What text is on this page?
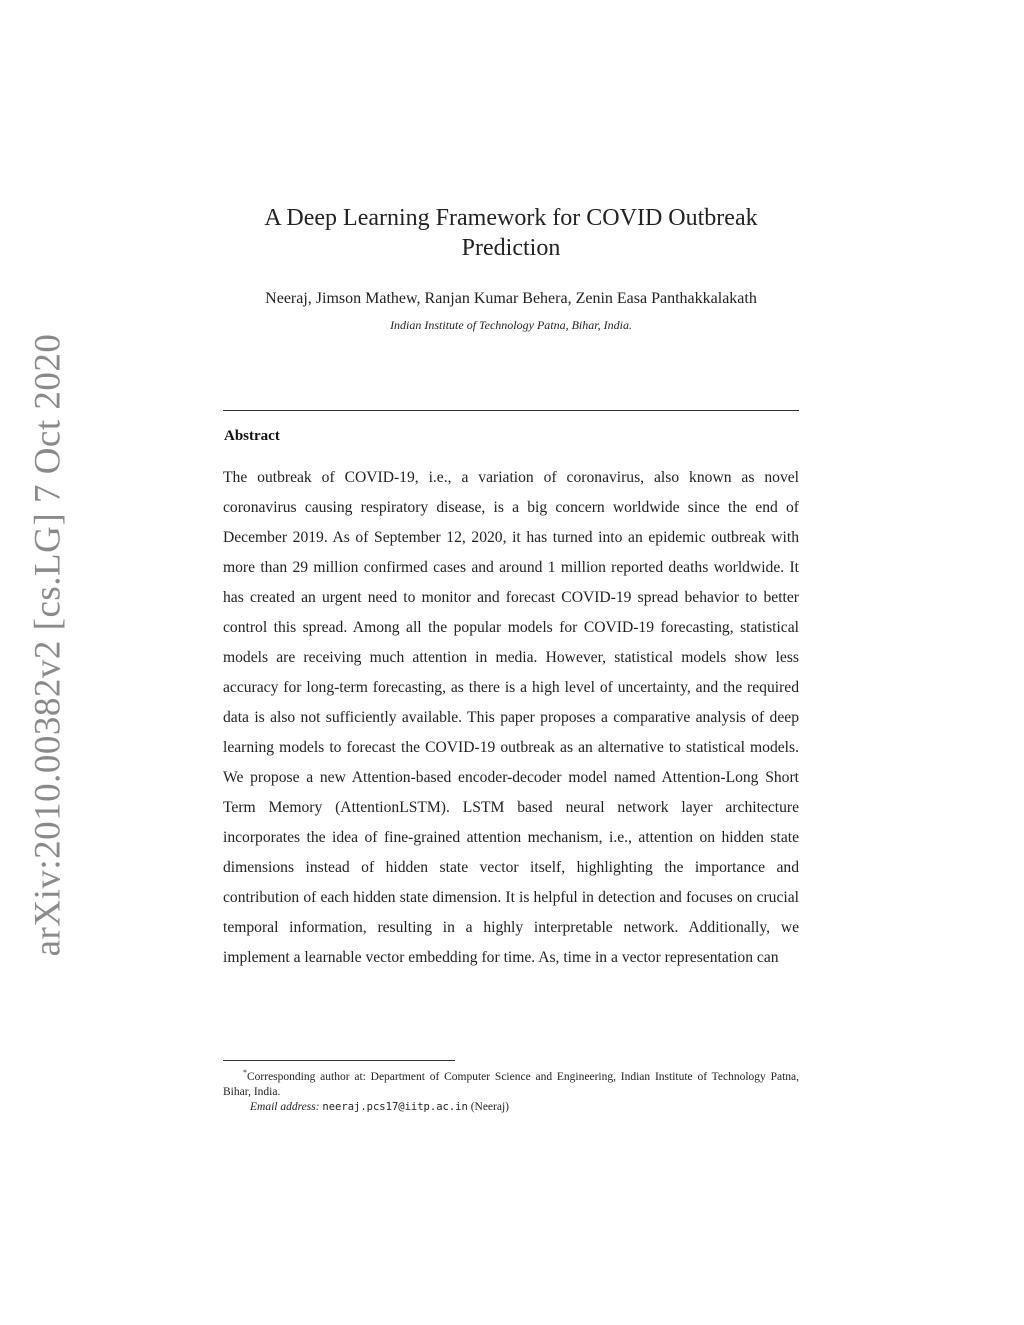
arXiv:2010.00382v2 [cs.LG] 7 Oct 2020
A Deep Learning Framework for COVID Outbreak
Prediction
Neeraj, Jimson Mathew, Ranjan Kumar Behera, Zenin Easa Panthakkalakath
Indian Institute of Technology Patna, Bihar, India.
Abstract

The outbreak of COVID-19, i.e., a variation of coronavirus, also known as novel coronavirus causing respiratory disease, is a big concern worldwide since the end of December 2019. As of September 12, 2020, it has turned into an epidemic outbreak with more than 29 million confirmed cases and around 1 million reported deaths worldwide. It has created an urgent need to monitor and forecast COVID-19 spread behavior to better control this spread. Among all the popular models for COVID-19 forecasting, statistical models are receiving much attention in media. However, statistical models show less accuracy for long-term forecasting, as there is a high level of uncertainty, and the required data is also not sufficiently available. This paper proposes a comparative analysis of deep learning models to forecast the COVID-19 outbreak as an alternative to statistical models. We propose a new Attention-based encoder-decoder model named Attention-Long Short Term Memory (AttentionLSTM). LSTM based neural network layer architecture incorporates the idea of fine-grained attention mechanism, i.e., attention on hidden state dimensions instead of hidden state vector itself, highlighting the importance and contribution of each hidden state dimension. It is helpful in detection and focuses on crucial temporal information, resulting in a highly interpretable network. Additionally, we implement a learnable vector embedding for time. As, time in a vector representation can

*Corresponding author at: Department of Computer Science and Engineering, Indian Institute of Technology Patna, Bihar, India.

Email address: neeraj.pcs17@iitp.ac.in (Neeraj)
